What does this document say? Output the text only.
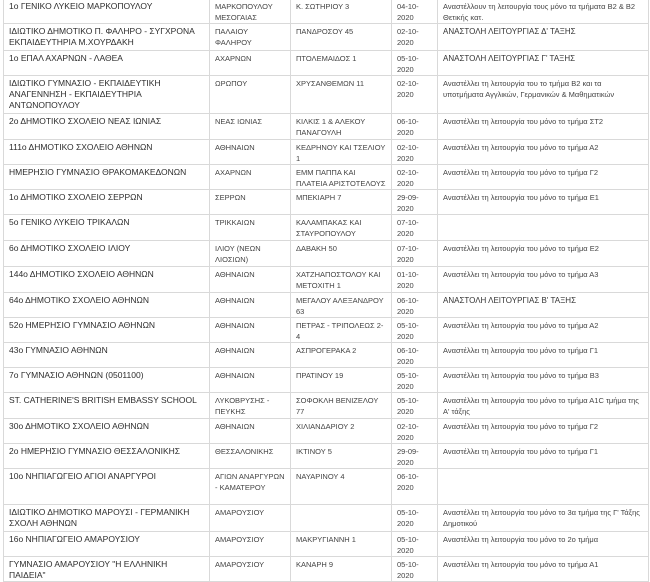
1ο ΓΕΝΙΚΟ ΛΥΚΕΙΟ ΜΑΡΚΟΠΟΥΛΟΥ	ΜΑΡΚΟΠΟΥΛΟΥ ΜΕΣΟΓΑΙΑΣ	Κ. ΣΩΤΗΡΙΟΥ 3	04-10-2020	Αναστέλλουν τη λειτουργία τους μόνο τα τμήματα Β2 & Β2 Θετικής κατ.
ΙΔΙΩΤΙΚΟ ΔΗΜΟΤΙΚΟ Π. ΦΑΛΗΡΟ - ΣΥΓΧΡΟΝΑ ΕΚΠΑΙΔΕΥΤΗΡΙΑ Μ.ΧΟΥΡΔΑΚΗ	ΠΑΛΑΙΟΥ ΦΑΛΗΡΟΥ	ΠΑΝΔΡΟΣΟΥ 45	02-10-2020	ΑΝΑΣΤΟΛΗ ΛΕΙΤΟΥΡΓΙΑΣ Δ' ΤΑΞΗΣ
1ο ΕΠΑΛ ΑΧΑΡΝΩΝ - ΛΑΘΕΑ	ΑΧΑΡΝΩΝ	ΠΤΟΛΕΜΑΙΔΟΣ 1	05-10-2020	ΑΝΑΣΤΟΛΗ ΛΕΙΤΟΥΡΓΙΑΣ Γ' ΤΑΞΗΣ
ΙΔΙΩΤΙΚΟ ΓΥΜΝΑΣΙΟ - ΕΚΠΑΙΔΕΥΤΙΚΗ ΑΝΑΓΕΝΝΗΣΗ - ΕΚΠΑΙΔΕΥΤΗΡΙΑ ΑΝΤΩΝΟΠΟΥΛΟΥ	ΩΡΩΠΟΥ	ΧΡΥΣΑΝΘΕΜΩΝ 11	02-10-2020	Αναστέλλει τη λειτουργία του το τμήμα Β2 και τα υποτμήματα Αγγλικών, Γερμανικών & Μαθηματικών
2ο ΔΗΜΟΤΙΚΟ ΣΧΟΛΕΙΟ ΝΕΑΣ ΙΩΝΙΑΣ	ΝΕΑΣ ΙΩΝΙΑΣ	ΚΙΛΚΙΣ 1 & ΑΛΕΚΟΥ ΠΑΝΑΓΟΥΛΗ	06-10-2020	Αναστέλλει τη λειτουργία του μόνο το τμήμα ΣΤ2
111ο ΔΗΜΟΤΙΚΟ ΣΧΟΛΕΙΟ ΑΘΗΝΩΝ	ΑΘΗΝΑΙΩΝ	ΚΕΔΡΗΝΟΥ ΚΑΙ ΤΣΕΛΙΟΥ 1	02-10-2020	Αναστέλλει τη λειτουργία του μόνο το τμήμα Α2
ΗΜΕΡΗΣΙΟ ΓΥΜΝΑΣΙΟ ΘΡΑΚΟΜΑΚΕΔΟΝΩΝ	ΑΧΑΡΝΩΝ	ΕΜΜ ΠΑΠΠΑ ΚΑΙ ΠΛΑΤΕΙΑ ΑΡΙΣΤΟΤΕΛΟΥΣ	02-10-2020	Αναστέλλει τη λειτουργία του μόνο το τμήμα Γ2
1ο ΔΗΜΟΤΙΚΟ ΣΧΟΛΕΙΟ ΣΕΡΡΩΝ	ΣΕΡΡΩΝ	ΜΠΕΚΙΑΡΗ 7	29-09-2020	Αναστέλλει τη λειτουργία του μόνο το τμήμα Ε1
5ο ΓΕΝΙΚΟ ΛΥΚΕΙΟ ΤΡΙΚΑΛΩΝ	ΤΡΙΚΚΑΙΩΝ	ΚΑΛΑΜΠΑΚΑΣ ΚΑΙ ΣΤΑΥΡΟΠΟΥΛΟΥ	07-10-2020	
6ο ΔΗΜΟΤΙΚΟ ΣΧΟΛΕΙΟ ΙΛΙΟΥ	ΙΛΙΟΥ (ΝΕΩΝ ΛΙΟΣΙΩΝ)	ΔΑΒΑΚΗ 50	07-10-2020	Αναστέλλει τη λειτουργία του μόνο το τμήμα Ε2
144ο ΔΗΜΟΤΙΚΟ ΣΧΟΛΕΙΟ ΑΘΗΝΩΝ	ΑΘΗΝΑΙΩΝ	ΧΑΤΖΗΑΠΟΣΤΟΛΟΥ ΚΑΙ ΜΕΤΟΧΙΤΗ 1	01-10-2020	Αναστέλλει τη λειτουργία του μόνο το τμήμα Α3
64ο ΔΗΜΟΤΙΚΟ ΣΧΟΛΕΙΟ ΑΘΗΝΩΝ	ΑΘΗΝΑΙΩΝ	ΜΕΓΑΛΟΥ ΑΛΕΞΑΝΔΡΟΥ 63	06-10-2020	ΑΝΑΣΤΟΛΗ ΛΕΙΤΟΥΡΓΙΑΣ Β' ΤΑΞΗΣ
52ο ΗΜΕΡΗΣΙΟ ΓΥΜΝΑΣΙΟ ΑΘΗΝΩΝ	ΑΘΗΝΑΙΩΝ	ΠΕΤΡΑΣ - ΤΡΙΠΟΛΕΩΣ 2-4	05-10-2020	Αναστέλλει τη λειτουργία του μόνο το τμήμα Α2
43ο ΓΥΜΝΑΣΙΟ ΑΘΗΝΩΝ	ΑΘΗΝΑΙΩΝ	ΑΣΠΡΟΓΕΡΑΚΑ 2	06-10-2020	Αναστέλλει τη λειτουργία του μόνο το τμήμα Γ1
7ο ΓΥΜΝΑΣΙΟ ΑΘΗΝΩΝ (0501100)	ΑΘΗΝΑΙΩΝ	ΠΡΑΤΙΝΟΥ 19	05-10-2020	Αναστέλλει τη λειτουργία του μόνο το τμήμα Β3
ST. CATHERINE'S BRITISH EMBASSY SCHOOL	ΛΥΚΟΒΡΥΣΗΣ - ΠΕΥΚΗΣ	ΣΟΦΟΚΛΗ ΒΕΝΙΖΕΛΟΥ 77	05-10-2020	Αναστέλλει τη λειτουργία του μόνο το τμήμα Α1C τμήμα της Α' τάξης
30ο ΔΗΜΟΤΙΚΟ ΣΧΟΛΕΙΟ ΑΘΗΝΩΝ	ΑΘΗΝΑΙΩΝ	ΧΙΛΙΑΝΔΑΡΙΟΥ 2	02-10-2020	Αναστέλλει τη λειτουργία του μόνο το τμήμα Γ2
2ο ΗΜΕΡΗΣΙΟ ΓΥΜΝΑΣΙΟ ΘΕΣΣΑΛΟΝΙΚΗΣ	ΘΕΣΣΑΛΟΝΙΚΗΣ	ΙΚΤΙΝΟΥ 5	29-09-2020	Αναστέλλει τη λειτουργία του μόνο το τμήμα Γ1
10ο ΝΗΠΙΑΓΩΓΕΙΟ ΑΓΙΟΙ ΑΝΑΡΓΥΡΟΙ	ΑΓΙΩΝ ΑΝΑΡΓΥΡΩΝ - ΚΑΜΑΤΕΡΟΥ	ΝΑΥΑΡΙΝΟΥ 4	06-10-2020	
ΙΔΙΩΤΙΚΟ ΔΗΜΟΤΙΚΟ ΜΑΡΟΥΣΙ - ΓΕΡΜΑΝΙΚΗ ΣΧΟΛΗ ΑΘΗΝΩΝ	ΑΜΑΡΟΥΣΙΟΥ		05-10-2020	Αναστέλλει τη λειτουργία του μόνο το 3α τμήμα της Γ' Τάξης Δημοτικού
16ο ΝΗΠΙΑΓΩΓΕΙΟ ΑΜΑΡΟΥΣΙΟΥ	ΑΜΑΡΟΥΣΙΟΥ	ΜΑΚΡΥΓΙΑΝΝΗ 1	05-10-2020	Αναστέλλει τη λειτουργία του μόνο το 2ο τμήμα
ΓΥΜΝΑΣΙΟ ΑΜΑΡΟΥΣΙΟΥ "Η ΕΛΛΗΝΙΚΗ ΠΑΙΔΕΙΑ"	ΑΜΑΡΟΥΣΙΟΥ	ΚΑΝΑΡΗ 9	05-10-2020	Αναστέλλει τη λειτουργία του μόνο το τμήμα Α1
